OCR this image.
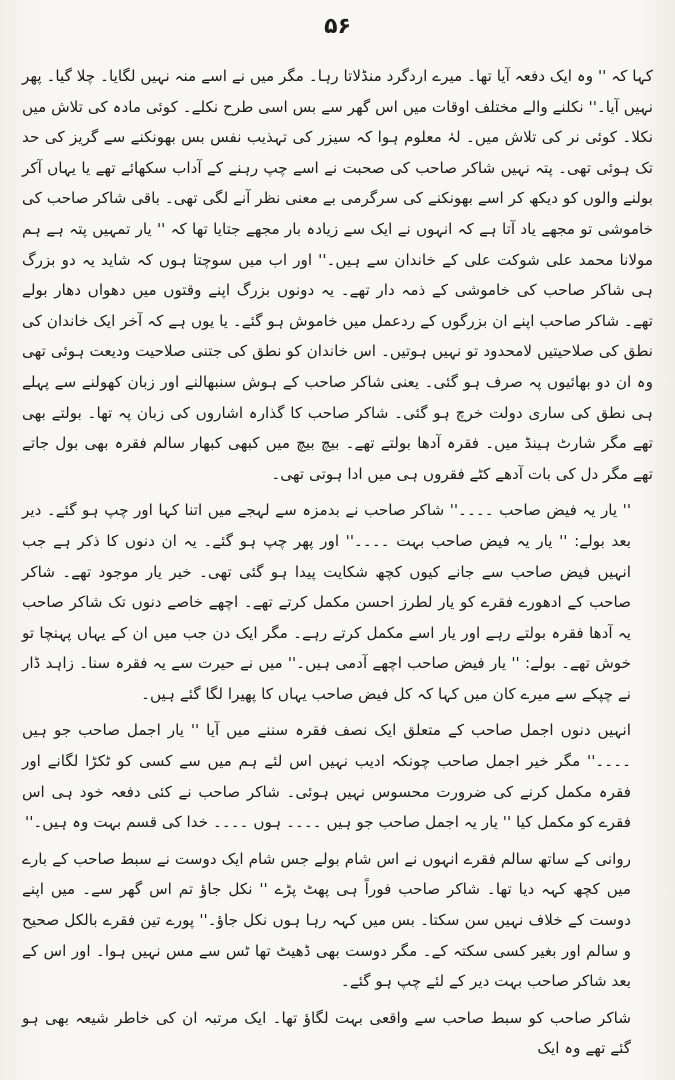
۵۶

کہا کہ '' وہ ایک دفعہ آیا تھا۔ میرے اردگرد منڈلاتا رہا۔ مگر میں نے اسے منہ نہیں لگایا۔ چلا گیا۔ پھر نہیں آیا۔'' نکلنے والے مختلف اوقات میں اس گھر سے بس اسی طرح نکلے۔ کوئی مادہ کی تلاش میں نکلا۔ کوئی نر کی تلاش میں۔ لہٰ معلوم ہوا کہ سیزر کی تہذیب نفس بس بھونکنے سے گریز کی حد تک ہوئی تھی۔ پتہ نہیں شاکر صاحب کی صحبت نے اسے چپ رہنے کے آداب سکھائے تھے یا یہاں آکر بولنے والوں کو دیکھ کر اسے بھونکنے کی سرگرمی بے معنی نظر آنے لگی تھی۔ باقی شاکر صاحب کی خاموشی تو مجھے یاد آتا ہے کہ انہوں نے ایک سے زیادہ بار مجھے جتایا تھا کہ '' یار تمہیں پتہ ہے ہم مولانا محمد علی شوکت علی کے خاندان سے ہیں۔'' اور اب میں سوچتا ہوں کہ شاید یہ دو بزرگ ہی شاکر صاحب کی خاموشی کے ذمہ دار تھے۔ یہ دونوں بزرگ اپنے وقتوں میں دھواں دھار بولے تھے۔ شاکر صاحب اپنے ان بزرگوں کے ردعمل میں خاموش ہو گئے۔ یا یوں ہے کہ آخر ایک خاندان کی نطق کی صلاحیتیں لامحدود تو نہیں ہوتیں۔ اس خاندان کو نطق کی جتنی صلاحیت ودیعت ہوئی تھی وہ ان دو بھائیوں پہ صرف ہو گئی۔ یعنی شاکر صاحب کے ہوش سنبھالنے اور زبان کھولنے سے پہلے ہی نطق کی ساری دولت خرچ ہو گئی۔ شاکر صاحب کا گذارہ اشاروں کی زبان پہ تھا۔ بولتے بھی تھے مگر شارٹ ہینڈ میں۔ فقرہ آدھا بولتے تھے۔ بیچ بیچ میں کبھی کبھار سالم فقرہ بھی بول جاتے تھے مگر دل کی بات آدھے کٹے فقروں ہی میں ادا ہوتی تھی۔

'' یار یہ فیض صاحب ۔۔۔۔'' شاکر صاحب نے بدمزہ سے لہجے میں اتنا کہا اور چپ ہو گئے۔ دیر بعد بولے: '' یار یہ فیض صاحب بہت ۔۔۔۔'' اور پھر چپ ہو گئے۔ یہ ان دنوں کا ذکر ہے جب انہیں فیض صاحب سے جانے کیوں کچھ شکایت پیدا ہو گئی تھی۔ خیر یار موجود تھے۔ شاکر صاحب کے ادھورے فقرے کو یار لطرز احسن مکمل کرتے تھے۔ اچھے خاصے دنوں تک شاکر صاحب یہ آدھا فقرہ بولتے رہے اور یار اسے مکمل کرتے رہے۔ مگر ایک دن جب میں ان کے یہاں پہنچا تو خوش تھے۔ بولے: '' یار فیض صاحب اچھے آدمی ہیں۔'' میں نے حیرت سے یہ فقرہ سنا۔ زاہد ڈار نے چپکے سے میرے کان میں کہا کہ کل فیض صاحب یہاں کا پھیرا لگا گئے ہیں۔

انہیں دنوں اجمل صاحب کے متعلق ایک نصف فقرہ سننے میں آیا '' یار اجمل صاحب جو ہیں ۔۔۔۔'' مگر خیر اجمل صاحب چونکہ ادیب نہیں اس لئے ہم میں سے کسی کو ٹکڑا لگانے اور فقرہ مکمل کرنے کی ضرورت محسوس نہیں ہوئی۔ شاکر صاحب نے کئی دفعہ خود ہی اس فقرے کو مکمل کیا '' یار یہ اجمل صاحب جو ہیں ۔۔۔۔ ہوں ۔۔۔۔ خدا کی قسم بہت وہ ہیں۔''

روانی کے ساتھ سالم فقرے انہوں نے اس شام بولے جس شام ایک دوست نے سبط صاحب کے بارے میں کچھ کہہ دیا تھا۔ شاکر صاحب فوراً ہی پھٹ پڑے '' نکل جاؤ تم اس گھر سے۔ میں اپنے دوست کے خلاف نہیں سن سکتا۔ بس میں کہہ رہا ہوں نکل جاؤ۔'' پورے تین فقرے بالکل صحیح و سالم اور بغیر کسی سکتہ کے۔ مگر دوست بھی ڈھیٹ تھا ٹس سے مس نہیں ہوا۔ اور اس کے بعد شاکر صاحب بہت دیر کے لئے چپ ہو گئے۔

شاکر صاحب کو سبط صاحب سے واقعی بہت لگاؤ تھا۔ ایک مرتبہ ان کی خاطر شیعہ بھی ہو گئے تھے وہ ایک
